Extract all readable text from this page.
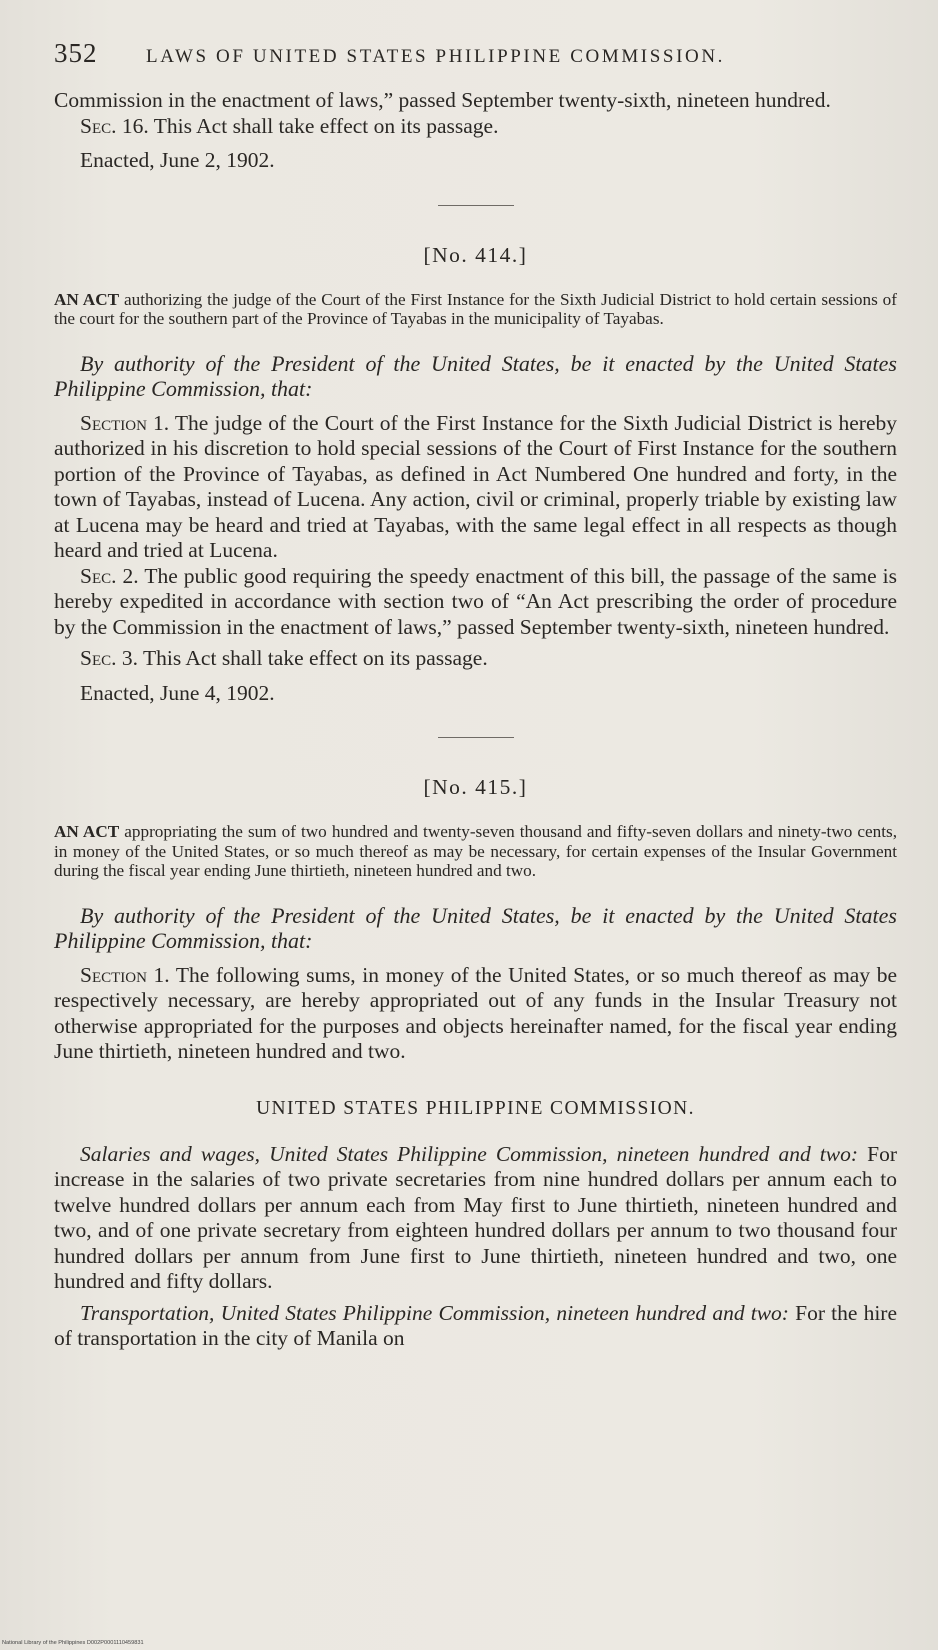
352	LAWS OF UNITED STATES PHILIPPINE COMMISSION.

Commission in the enactment of laws,” passed September twenty-sixth, nineteen hundred.

Sec. 16. This Act shall take effect on its passage.

Enacted, June 2, 1902.

[No. 414.]

AN ACT authorizing the judge of the Court of the First Instance for the Sixth Judicial District to hold certain sessions of the court for the southern part of the Province of Tayabas in the municipality of Tayabas.

By authority of the President of the United States, be it enacted by the United States Philippine Commission, that:

Section 1. The judge of the Court of the First Instance for the Sixth Judicial District is hereby authorized in his discretion to hold special sessions of the Court of First Instance for the southern portion of the Province of Tayabas, as defined in Act Numbered One hundred and forty, in the town of Tayabas, instead of Lucena. Any action, civil or criminal, properly triable by existing law at Lucena may be heard and tried at Tayabas, with the same legal effect in all respects as though heard and tried at Lucena.

Sec. 2. The public good requiring the speedy enactment of this bill, the passage of the same is hereby expedited in accordance with section two of “An Act prescribing the order of procedure by the Commission in the enactment of laws,” passed September twenty-sixth, nineteen hundred.

Sec. 3. This Act shall take effect on its passage.

Enacted, June 4, 1902.

[No. 415.]

AN ACT appropriating the sum of two hundred and twenty-seven thousand and fifty-seven dollars and ninety-two cents, in money of the United States, or so much thereof as may be necessary, for certain expenses of the Insular Government during the fiscal year ending June thirtieth, nineteen hundred and two.

By authority of the President of the United States, be it enacted by the United States Philippine Commission, that:

Section 1. The following sums, in money of the United States, or so much thereof as may be respectively necessary, are hereby appropriated out of any funds in the Insular Treasury not otherwise appropriated for the purposes and objects hereinafter named, for the fiscal year ending June thirtieth, nineteen hundred and two.

UNITED STATES PHILIPPINE COMMISSION.

Salaries and wages, United States Philippine Commission, nineteen hundred and two: For increase in the salaries of two private secretaries from nine hundred dollars per annum each to twelve hundred dollars per annum each from May first to June thirtieth, nineteen hundred and two, and of one private secretary from eighteen hundred dollars per annum to two thousand four hundred dollars per annum from June first to June thirtieth, nineteen hundred and two, one hundred and fifty dollars.

Transportation, United States Philippine Commission, nineteen hundred and two: For the hire of transportation in the city of Manila on

National Library of the Philippines D002P0001110459831
